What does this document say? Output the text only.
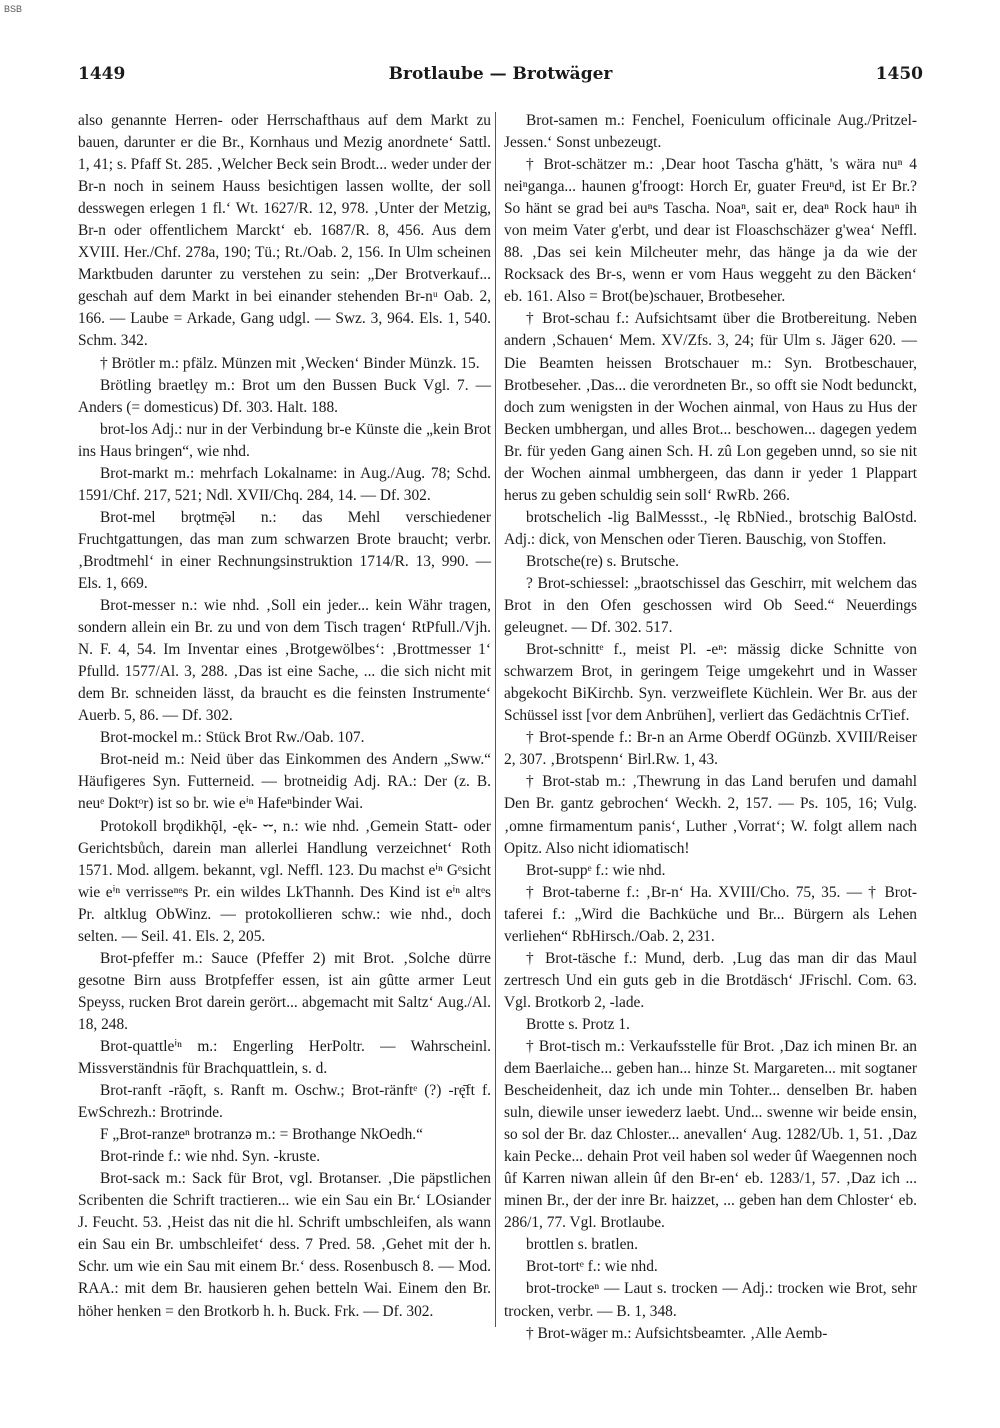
BSB
1449	Brotlaube — Brotwäger	1450

also genannte Herren- oder Herrschafthaus auf dem Markt zu bauen, darunter er die Br., Kornhaus und Mezig anordnete‘ Sattl. 1, 41; s. Pfaff St. 285. ‚Welcher Beck sein Brodt... weder under der Br-n noch in seinem Hauss besichtigen lassen wollte, der soll desswegen erlegen 1 fl.‘ Wt. 1627/R. 12, 978. ‚Unter der Metzig, Br-n oder offentlichem Marckt‘ eb. 1687/R. 8, 456. Aus dem XVIII. Her./Chf. 278a, 190; Tü.; Rt./Oab. 2, 156. In Ulm scheinen Marktbuden darunter zu verstehen zu sein: „Der Brotverkauf... geschah auf dem Markt in bei einander stehenden Br-nᵘ Oab. 2, 166. — Laube = Arkade, Gang udgl. — Swz. 3, 964. Els. 1, 540. Schm. 342.

† Brötler m.: pfälz. Münzen mit ‚Wecken‘ Binder Münzk. 15.

Brötling braetlęy m.: Brot um den Bussen Buck Vgl. 7. — Anders (= domesticus) Df. 303. Halt. 188.

brot-los Adj.: nur in der Verbindung br-e Künste die „kein Brot ins Haus bringen“, wie nhd.

Brot-markt m.: mehrfach Lokalname: in Aug./Aug. 78; Schd. 1591/Chf. 217, 521; Ndl. XVII/Chq. 284, 14. — Df. 302.

Brot-mel brǫtmę̄əl n.: das Mehl verschiedener Fruchtgattungen, das man zum schwarzen Brote braucht; verbr. ‚Brodtmehl‘ in einer Rechnungsinstruktion 1714/R. 13, 990. — Els. 1, 669.

Brot-messer n.: wie nhd. ‚Soll ein jeder... kein Währ tragen, sondern allein ein Br. zu und von dem Tisch tragen‘ RtPfull./Vjh. N. F. 4, 54. Im Inventar eines ‚Brotgewölbes‘: ‚Brottmesser 1‘ Pfulld. 1577/Al. 3, 288. ‚Das ist eine Sache, ... die sich nicht mit dem Br. schneiden lässt, da braucht es die feinsten Instrumente‘ Auerb. 5, 86. — Df. 302.

Brot-mockel m.: Stück Brot Rw./Oab. 107.

Brot-neid m.: Neid über das Einkommen des Andern „Sww.“ Häufigeres Syn. Futterneid. — brotneidig Adj. RA.: Der (z. B. neuᵉ Doktᵒr) ist so br. wie eⁱⁿ Hafeⁿbinder Wai.

Protokoll brǫdikhǭl, -ęk- ⏑⏑, n.: wie nhd. ‚Gemein Statt- oder Gerichtsbůch, darein man allerlei Handlung verzeichnet‘ Roth 1571. Mod. allgem. bekannt, vgl. Neffl. 123. Du machst eⁱⁿ Gᵉsicht wie eⁱⁿ verrisseⁿᵉs Pr. ein wildes LkThannh. Des Kind ist eⁱⁿ altᵉs Pr. altklug ObWinz. — protokollieren schw.: wie nhd., doch selten. — Seil. 41. Els. 2, 205.

Brot-pfeffer m.: Sauce (Pfeffer 2) mit Brot. ‚Solche dürre gesotne Birn auss Brotpfeffer essen, ist ain gûtte armer Leut Speyss, rucken Brot darein gerört... abgemacht mit Saltz‘ Aug./Al. 18, 248.

Brot-quattleⁱⁿ m.: Engerling HerPoltr. — Wahrscheinl. Missverständnis für Brachquattlein, s. d.

Brot-ranft -rāǫft, s. Ranft m. Oschw.; Brot-ränftᵉ (?) -rę̄ft f. EwSchrezh.: Brotrinde.

F „Brot-ranzeⁿ brotranzə m.: = Brothange NkOedh.“

Brot-rinde f.: wie nhd. Syn. -kruste.

Brot-sack m.: Sack für Brot, vgl. Brotanser. ‚Die päpstlichen Scribenten die Schrift tractieren... wie ein Sau ein Br.‘ LOsiander J. Feucht. 53. ‚Heist das nit die hl. Schrift umbschleifen, als wann ein Sau ein Br. umbschleifet‘ dess. 7 Pred. 58. ‚Gehet mit der h. Schr. um wie ein Sau mit einem Br.‘ dess. Rosenbusch 8. — Mod. RAA.: mit dem Br. hausieren gehen betteln Wai. Einem den Br. höher henken = den Brotkorb h. h. Buck. Frk. — Df. 302.

Brot-samen m.: Fenchel, Foeniculum officinale Aug./Pritzel-Jessen.‘ Sonst unbezeugt.

† Brot-schätzer m.: ‚Dear hoot Tascha g'hätt, 's wära nuⁿ 4 neiⁿganga... haunen g'froogt: Horch Er, guater Freuⁿd, ist Er Br.? So hänt se grad bei auⁿs Tascha. Noaⁿ, sait er, deaⁿ Rock hauⁿ ih von meim Vater g'erbt, und dear ist Floaschschäzer g'wea‘ Neffl. 88. ‚Das sei kein Milcheuter mehr, das hänge ja da wie der Rocksack des Br-s, wenn er vom Haus weggeht zu den Bäcken‘ eb. 161. Also = Brot(be)schauer, Brotbeseher.

† Brot-schau f.: Aufsichtsamt über die Brotbereitung. Neben andern ‚Schauen‘ Mem. XV/Zfs. 3, 24; für Ulm s. Jäger 620. — Die Beamten heissen Brotschauer m.: Syn. Brotbeschauer, Brotbeseher. ‚Das... die verordneten Br., so offt sie Nodt bedunckt, doch zum wenigsten in der Wochen ainmal, von Haus zu Hus der Becken umbhergan, und alles Brot... beschowen... dagegen yedem Br. für yeden Gang ainen Sch. H. zû Lon gegeben unnd, so sie nit der Wochen ainmal umbhergeen, das dann ir yeder 1 Plappart herus zu geben schuldig sein soll‘ RwRb. 266.

brotschelich -lig BalMessst., -lę RbNied., brotschig BalOstd. Adj.: dick, von Menschen oder Tieren. Bauschig, von Stoffen.

Brotsche(re) s. Brutsche.

? Brot-schiessel: „braotschissel das Geschirr, mit welchem das Brot in den Ofen geschossen wird Ob Seed.“ Neuerdings geleugnet. — Df. 302. 517.

Brot-schnittᵉ f., meist Pl. -eⁿ: mässig dicke Schnitte von schwarzem Brot, in geringem Teige umgekehrt und in Wasser abgekocht BiKirchb. Syn. verzweiflete Küchlein. Wer Br. aus der Schüssel isst [vor dem Anbrühen], verliert das Gedächtnis CrTief.

† Brot-spende f.: Br-n an Arme Oberdf OGünzb. XVIII/Reiser 2, 307. ‚Brotspenn‘ Birl.Rw. 1, 43.

† Brot-stab m.: ‚Thewrung in das Land berufen und damahl Den Br. gantz gebrochen‘ Weckh. 2, 157. — Ps. 105, 16; Vulg. ‚omne firmamentum panis‘, Luther ‚Vorrat‘; W. folgt allem nach Opitz. Also nicht idiomatisch!

Brot-suppᵉ f.: wie nhd.

† Brot-taberne f.: ‚Br-n‘ Ha. XVIII/Cho. 75, 35. — † Brot-taferei f.: „Wird die Bachküche und Br... Bürgern als Lehen verliehen“ RbHirsch./Oab. 2, 231.

† Brot-täsche f.: Mund, derb. ‚Lug das man dir das Maul zertresch Und ein guts geb in die Brotdäsch‘ JFrischl. Com. 63. Vgl. Brotkorb 2, -lade.

Brotte s. Protz 1.

† Brot-tisch m.: Verkaufsstelle für Brot. ‚Daz ich minen Br. an dem Baerlaiche... geben han... hinze St. Margareten... mit sogtaner Bescheidenheit, daz ich unde min Tohter... denselben Br. haben suln, diewile unser iewederz laebt. Und... swenne wir beide ensin, so sol der Br. daz Chloster... anevallen‘ Aug. 1282/Ub. 1, 51. ‚Daz kain Pecke... dehain Prot veil haben sol weder ûf Waegennen noch ûf Karren niwan allein ûf den Br-en‘ eb. 1283/1, 57. ‚Daz ich ... minen Br., der der inre Br. haizzet, ... geben han dem Chloster‘ eb. 286/1, 77. Vgl. Brotlaube.

brottlen s. bratlen.

Brot-tortᵉ f.: wie nhd.

brot-trockeⁿ — Laut s. trocken — Adj.: trocken wie Brot, sehr trocken, verbr. — B. 1, 348.

† Brot-wäger m.: Aufsichtsbeamter. ‚Alle Aemb-
